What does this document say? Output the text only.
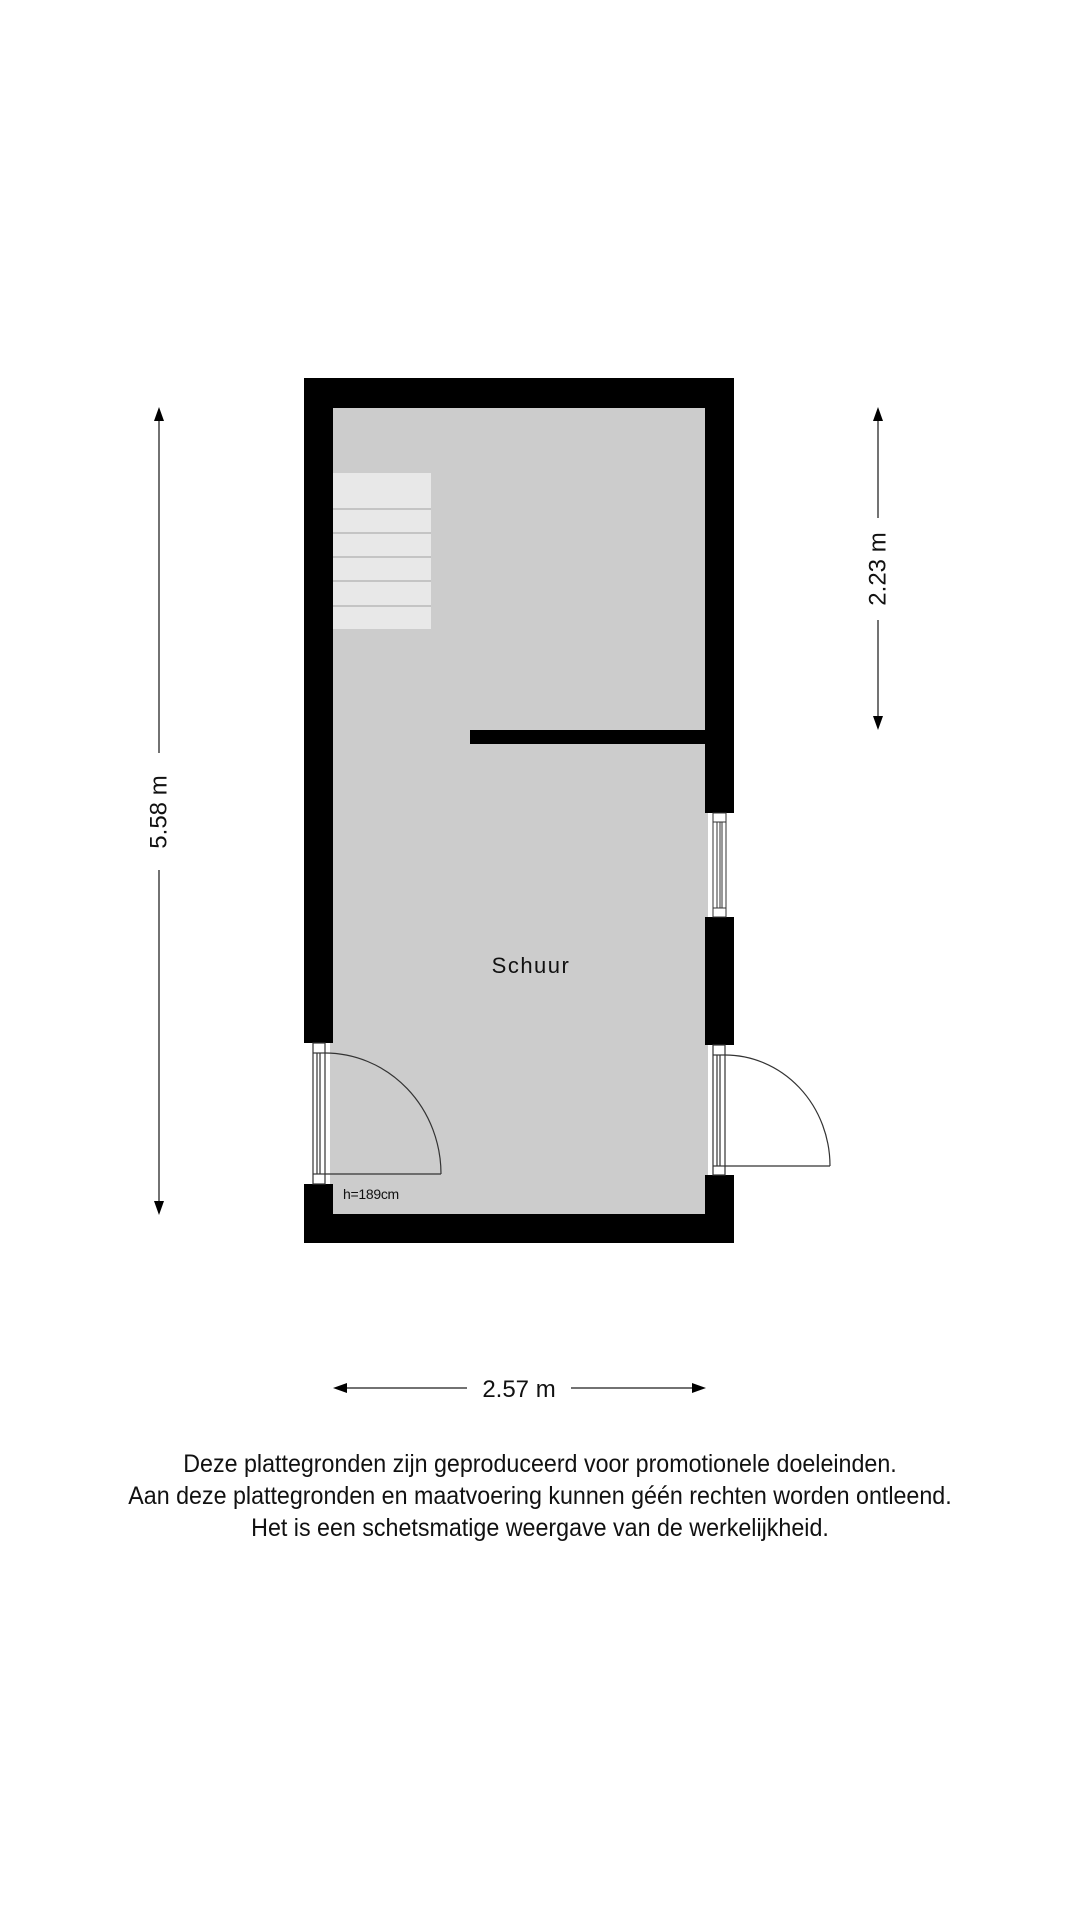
Schuur
h=189cm
5.58 m
2.23 m
2.57 m
Deze plattegronden zijn geproduceerd voor promotionele doeleinden.
Aan deze plattegronden en maatvoering kunnen géén rechten worden ontleend.
Het is een schetsmatige weergave van de werkelijkheid.
